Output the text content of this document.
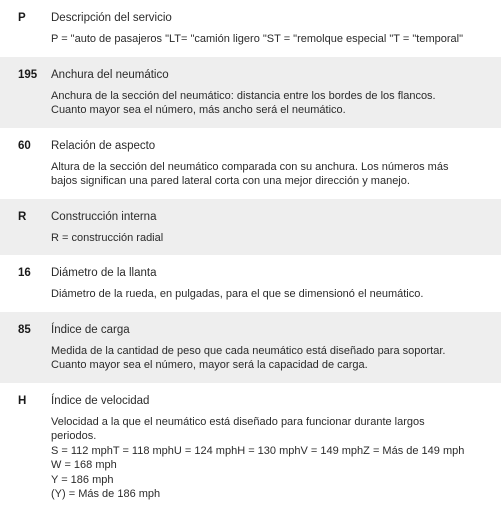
P	Descripción del servicio
P = "auto de pasajeros "LT= "camión ligero "ST = "remolque especial "T = "temporal"
195	Anchura del neumático
Anchura de la sección del neumático: distancia entre los bordes de los flancos.
Cuanto mayor sea el número, más ancho será el neumático.
60	Relación de aspecto
Altura de la sección del neumático comparada con su anchura. Los números más
bajos significan una pared lateral corta con una mejor dirección y manejo.
R	Construcción interna
R = construcción radial
16	Diámetro de la llanta
Diámetro de la rueda, en pulgadas, para el que se dimensionó el neumático.
85	Índice de carga
Medida de la cantidad de peso que cada neumático está diseñado para soportar.
Cuanto mayor sea el número, mayor será la capacidad de carga.
H	Índice de velocidad
Velocidad a la que el neumático está diseñado para funcionar durante largos
periodos.
S = 112 mphT = 118 mphU = 124 mphH = 130 mphV = 149 mphZ = Más de 149 mph
W = 168 mph
Y = 186 mph
(Y) = Más de 186 mph
